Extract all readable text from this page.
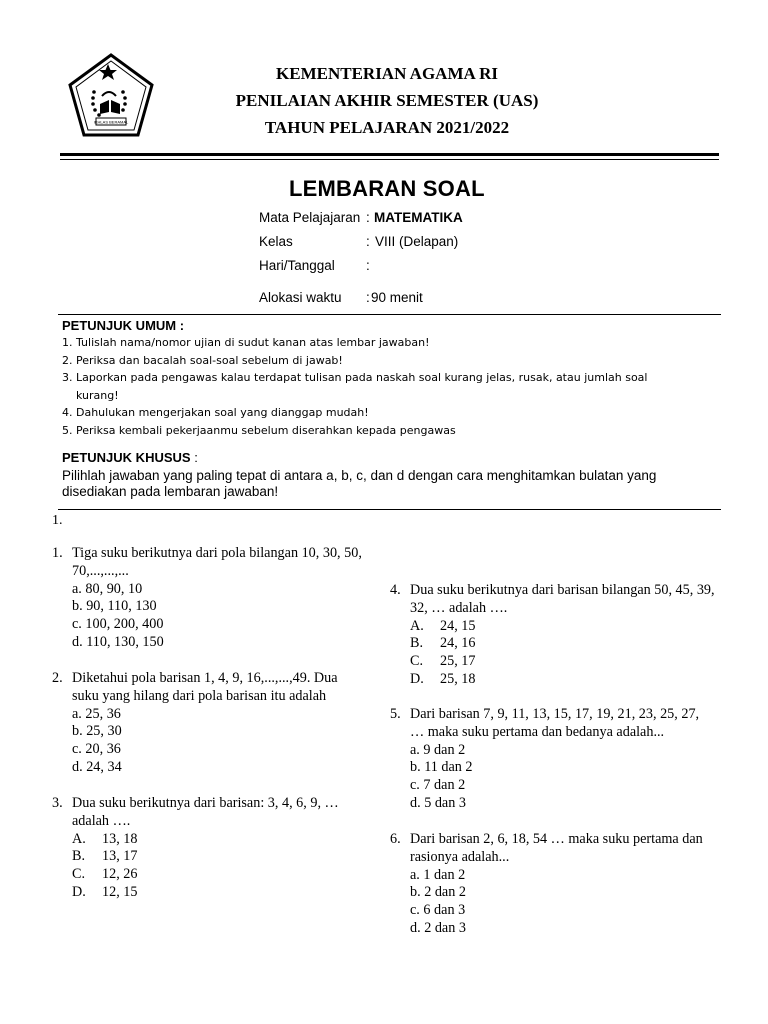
IKHLAS BERAMAL
KEMENTERIAN AGAMA RI
PENILAIAN AKHIR SEMESTER (UAS)
TAHUN PELAJARAN 2021/2022
LEMBARAN SOAL
Mata Pelajajaran : MATEMATIKA
Kelas	: VIII (Delapan)
Hari/Tanggal :
Alokasi waktu : 90 menit
PETUNJUK UMUM :
1. Tulislah nama/nomor ujian di sudut kanan atas lembar jawaban!
2. Periksa dan bacalah soal-soal sebelum di jawab!
3. Laporkan pada pengawas kalau terdapat tulisan pada naskah soal kurang jelas, rusak, atau jumlah soal kurang!
4. Dahulukan mengerjakan soal yang dianggap mudah!
5. Periksa kembali pekerjaanmu sebelum diserahkan kepada pengawas
PETUNJUK KHUSUS :
Pilihlah jawaban yang paling tepat di antara a, b, c, dan d dengan cara menghitamkan bulatan yang disediakan pada lembaran jawaban!
1.
1. Tiga suku berikutnya dari pola bilangan 10, 30, 50, 70,...,...,...
a. 80, 90, 10
b. 90, 110, 130
c. 100, 200, 400
d. 110, 130, 150
2. Diketahui pola barisan 1, 4, 9, 16,...,...,49. Dua suku yang hilang dari pola barisan itu adalah
a. 25, 36
b. 25, 30
c. 20, 36
d. 24, 34
3. Dua suku berikutnya dari barisan: 3, 4, 6, 9, … adalah ….
A. 13, 18
B. 13, 17
C. 12, 26
D. 12, 15
4. Dua suku berikutnya dari barisan bilangan 50, 45, 39, 32, … adalah ….
A. 24, 15
B. 24, 16
C. 25, 17
D. 25, 18
5. Dari barisan 7, 9, 11, 13, 15, 17, 19, 21, 23, 25, 27, … maka suku pertama dan bedanya adalah...
a. 9 dan 2
b. 11 dan 2
c. 7 dan 2
d. 5 dan 3
6. Dari barisan 2, 6, 18, 54 … maka suku pertama dan rasionya adalah...
a. 1 dan 2
b. 2 dan 2
c. 6 dan 3
d. 2 dan 3
